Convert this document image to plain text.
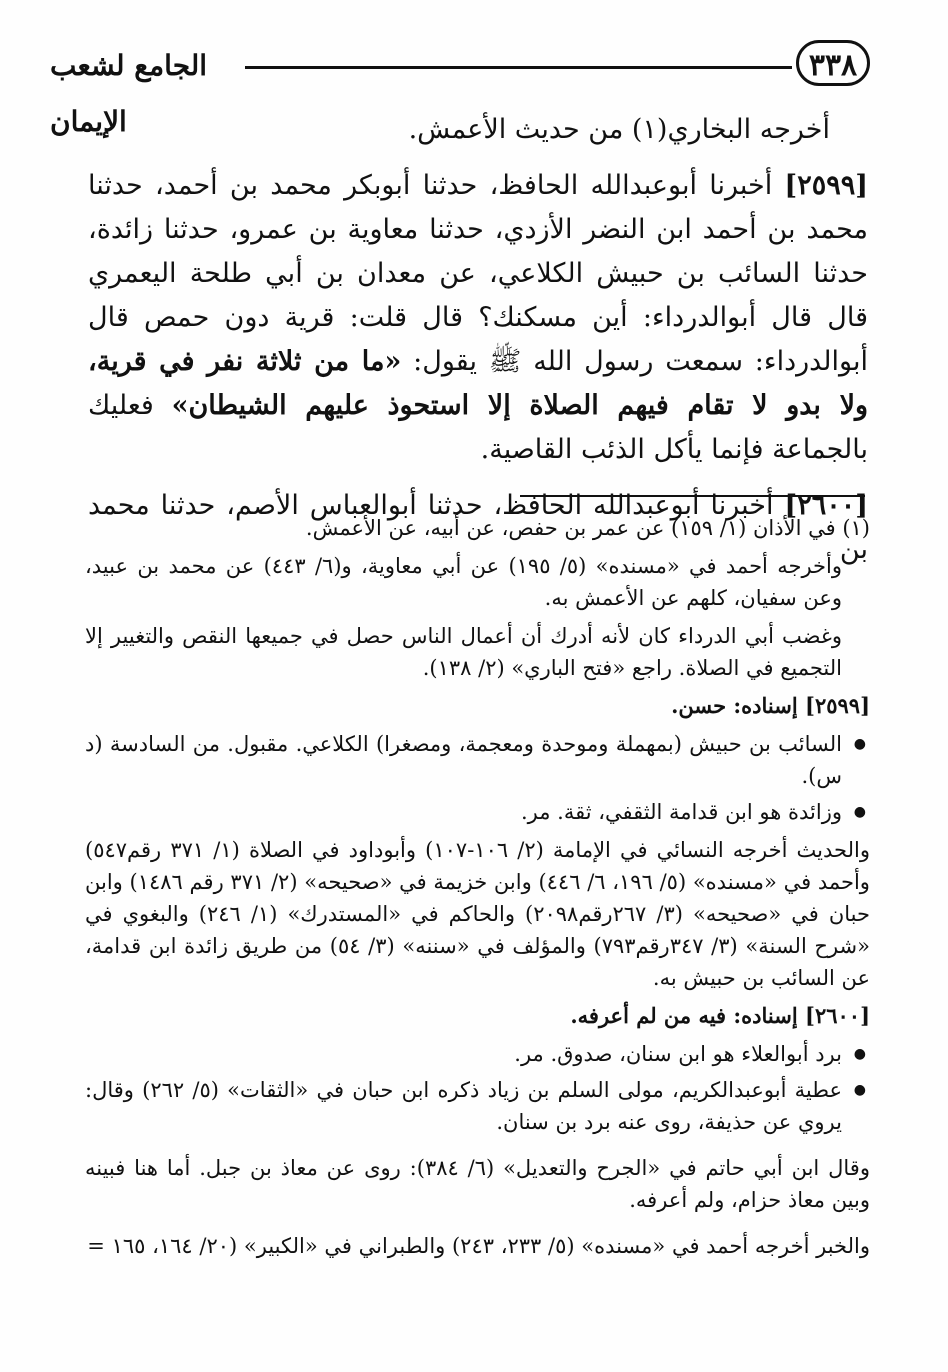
٣٣٨
الجامع لشعب الإيمان	أخرجه البخاري(١) من حديث الأعمش.

[٢٥٩٩] أخبرنا أبوعبدالله الحافظ، حدثنا أبوبكر محمد بن أحمد، حدثنا محمد بن أحمد ابن النضر الأزدي، حدثنا معاوية بن عمرو، حدثنا زائدة، حدثنا السائب بن حبيش الكلاعي، عن معدان بن أبي طلحة اليعمري قال قال أبوالدرداء: أين مسكنك؟ قال قلت: قرية دون حمص قال أبوالدرداء: سمعت رسول الله ﷺ يقول: «ما من ثلاثة نفر في قرية، ولا بدو لا تقام فيهم الصلاة إلا استحوذ عليهم الشيطان» فعليك بالجماعة فإنما يأكل الذئب القاصية.

[٢٦٠٠] أخبرنا أبوعبدالله الحافظ، حدثنا أبوالعباس الأصم، حدثنا محمد بن

(١) في الأذان (١/ ١٥٩) عن عمر بن حفص، عن أبيه، عن الأعمش.

وأخرجه أحمد في «مسنده» (٥/ ١٩٥) عن أبي معاوية، و(٦/ ٤٤٣) عن محمد بن عبيد، وعن سفيان، كلهم عن الأعمش به.

وغضب أبي الدرداء كان لأنه أدرك أن أعمال الناس حصل في جميعها النقص والتغيير إلا التجميع في الصلاة. راجع «فتح الباري» (٢/ ١٣٨).

[٢٥٩٩] إسناده: حسن.

● السائب بن حبيش (بمهملة وموحدة ومعجمة، ومصغرا) الكلاعي. مقبول. من السادسة (د س).
● وزائدة هو ابن قدامة الثقفي، ثقة. مر.

والحديث أخرجه النسائي في الإمامة (٢/ ١٠٦-١٠٧) وأبوداود في الصلاة (١/ ٣٧١ رقم٥٤٧) وأحمد في «مسنده» (٥/ ١٩٦، ٦/ ٤٤٦) وابن خزيمة في «صحيحه» (٢/ ٣٧١ رقم ١٤٨٦) وابن حبان في «صحيحه» (٣/ ٢٦٧رقم٢٠٩٨) والحاكم في «المستدرك» (١/ ٢٤٦) والبغوي في «شرح السنة» (٣/ ٣٤٧رقم٧٩٣) والمؤلف في «سننه» (٣/ ٥٤) من طريق زائدة ابن قدامة، عن السائب بن حبيش به.

[٢٦٠٠] إسناده: فيه من لم أعرفه.

● برد أبوالعلاء هو ابن سنان، صدوق. مر.
● عطية أبوعبدالكريم، مولى السلم بن زياد ذكره ابن حبان في «الثقات» (٥/ ٢٦٢) وقال: يروي عن حذيفة، روى عنه برد بن سنان.

وقال ابن أبي حاتم في «الجرح والتعديل» (٦/ ٣٨٤): روى عن معاذ بن جبل. أما هنا فبينه وبين معاذ حزام، ولم أعرفه.

والخبر أخرجه أحمد في «مسنده» (٥/ ٢٣٣، ٢٤٣) والطبراني في «الكبير» (٢٠/ ١٦٤، ١٦٥ =
